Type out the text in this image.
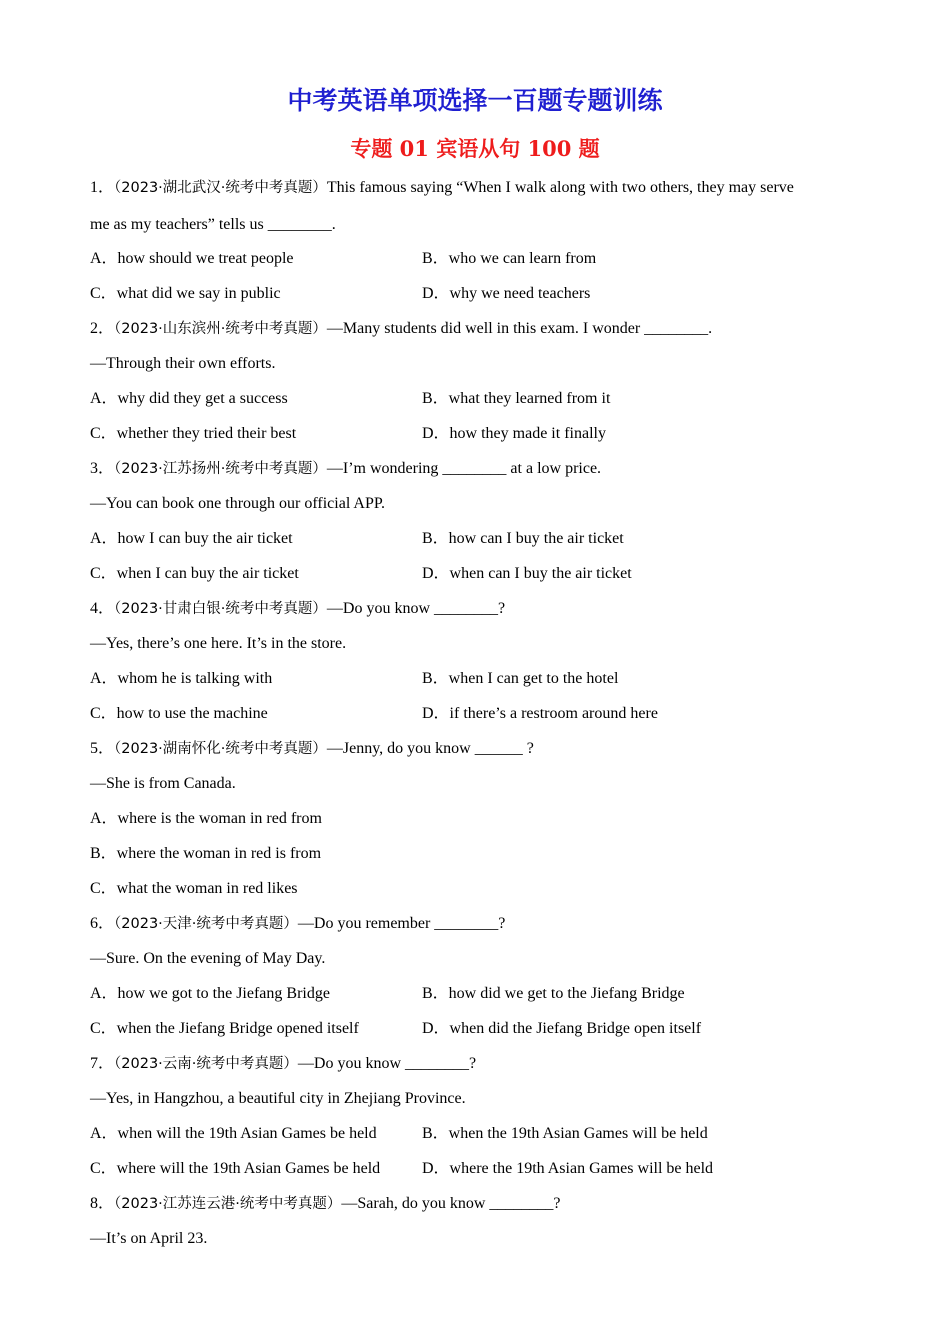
中考英语单项选择一百题专题训练
专题 01 宾语从句 100 题
1．（2023·湖北武汉·统考中考真题）This famous saying “When I walk along with two others, they may serve
me as my teachers” tells us ________.
A．how should we treat people	B．who we can learn from
C．what did we say in public	D．why we need teachers
2．（2023·山东滨州·统考中考真题）—Many students did well in this exam. I wonder ________.
—Through their own efforts.
A．why did they get a success	B．what they learned from it
C．whether they tried their best	D．how they made it finally
3．（2023·江苏扬州·统考中考真题）—I’m wondering ________ at a low price.
—You can book one through our official APP.
A．how I can buy the air ticket	B．how can I buy the air ticket
C．when I can buy the air ticket	D．when can I buy the air ticket
4．（2023·甘肃白银·统考中考真题）—Do you know ________?
—Yes, there’s one here. It’s in the store.
A．whom he is talking with	B．when I can get to the hotel
C．how to use the machine	D．if there’s a restroom around here
5．（2023·湖南怀化·统考中考真题）—Jenny, do you know ______ ?
—She is from Canada.
A．where is the woman in red from
B．where the woman in red is from
C．what the woman in red likes
6．（2023·天津·统考中考真题）—Do you remember ________?
—Sure. On the evening of May Day.
A．how we got to the Jiefang Bridge	B．how did we get to the Jiefang Bridge
C．when the Jiefang Bridge opened itself	D．when did the Jiefang Bridge open itself
7．（2023·云南·统考中考真题）—Do you know ________?
—Yes, in Hangzhou, a beautiful city in Zhejiang Province.
A．when will the 19th Asian Games be held	B．when the 19th Asian Games will be held
C．where will the 19th Asian Games be held	D．where the 19th Asian Games will be held
8．（2023·江苏连云港·统考中考真题）—Sarah, do you know ________?
—It’s on April 23.
